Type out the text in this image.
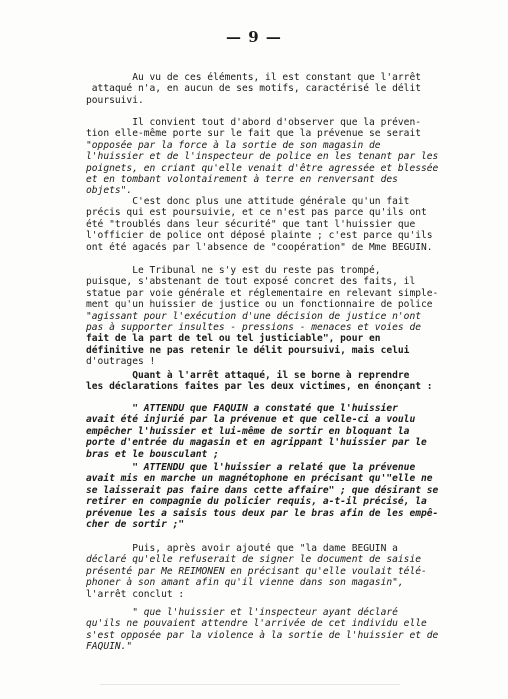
— 9 —

Au vu de ces éléments, il est constant que l'arrêt
attaqué n'a, en aucun de ses motifs, caractérisé le délit
poursuivi.

Il convient tout d'abord d'observer que la préven-
tion elle-même porte sur le fait que la prévenue se serait
"opposée par la force à la sortie de son magasin de
l'huissier et de l'inspecteur de police en les tenant par les
poignets, en criant qu'elle venait d'être agressée et blessée
et en tombant volontairement à terre en renversant des
objets".

C'est donc plus une attitude générale qu'un fait
précis qui est poursuivie, et ce n'est pas parce qu'ils ont
été "troublés dans leur sécurité" que tant l'huissier que
l'officier de police ont déposé plainte ; c'est parce qu'ils
ont été agacés par l'absence de "coopération" de Mme BEGUIN.

Le Tribunal ne s'y est du reste pas trompé,
puisque, s'abstenant de tout exposé concret des faits, il
statue par voie générale et réglementaire en relevant simple-
ment qu'un huissier de justice ou un fonctionnaire de police
"agissant pour l'exécution d'une décision de justice n'ont
pas à supporter insultes - pressions - menaces et voies de
fait de la part de tel ou tel justiciable", pour en
définitive ne pas retenir le délit poursuivi, mais celui
d'outrages !

Quant à l'arrêt attaqué, il se borne à reprendre
les déclarations faites par les deux victimes, en énonçant :

" ATTENDU que FAQUIN a constaté que l'huissier
avait été injurié par la prévenue et que celle-ci a voulu
empêcher l'huissier et lui-même de sortir en bloquant la
porte d'entrée du magasin et en agrippant l'huissier par le
bras et le bousculant ;

" ATTENDU que l'huissier a relaté que la prévenue
avait mis en marche un magnétophone en précisant qu'"elle ne
se laisserait pas faire dans cette affaire" ; que désirant se
retirer en compagnie du policier requis, a-t-il précisé, la
prévenue les a saisis tous deux par le bras afin de les empê-
cher de sortir ;"

Puis, après avoir ajouté que "la dame BEGUIN a
déclaré qu'elle refuserait de signer le document de saisie
présenté par Me REIMONEN en précisant qu'elle voulait télé-
phoner à son amant afin qu'il vienne dans son magasin",
l'arrêt conclut :

" que l'huissier et l'inspecteur ayant déclaré
qu'ils ne pouvaient attendre l'arrivée de cet individu elle
s'est opposée par la violence à la sortie de l'huissier et de
FAQUIN."
